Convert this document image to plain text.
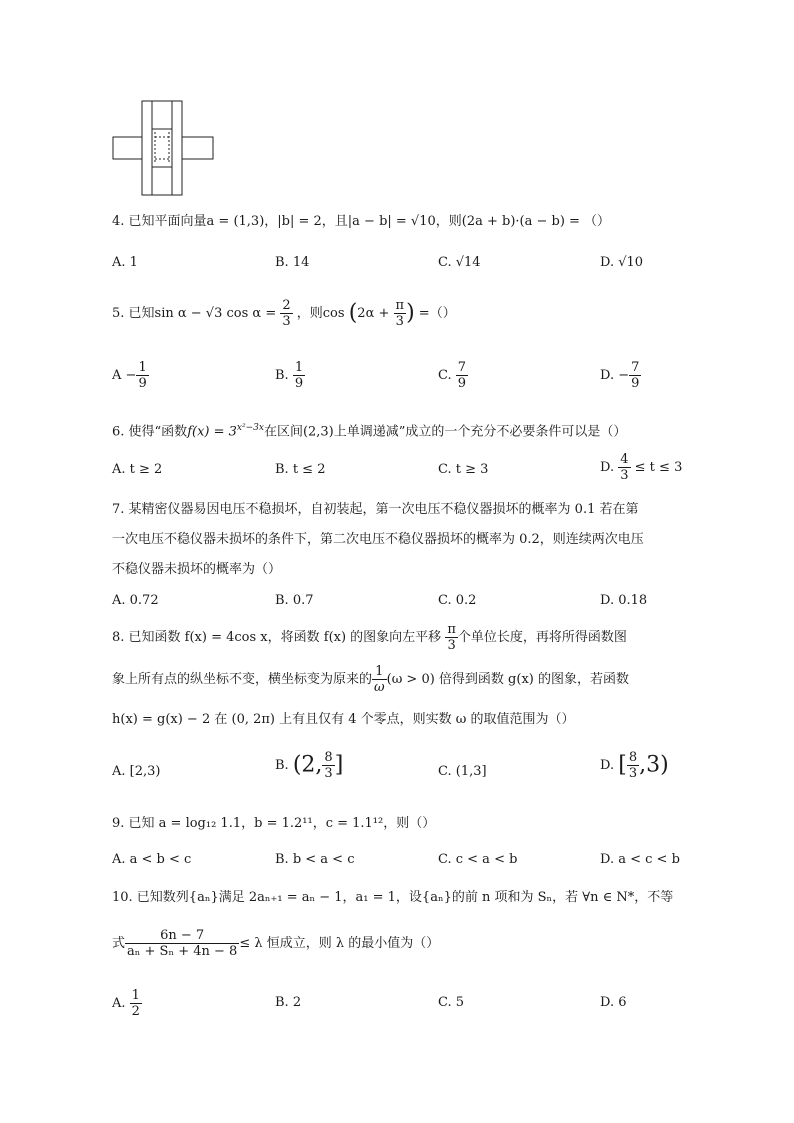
4. 已知平面向量a = (1,3)，|b| = 2，且|a − b| = √10，则(2a + b)·(a − b) = （）
A. 1	B. 14	C. √14	D. √10
5. 已知sin α − √3 $\cos \alpha = \frac{2}{3}$ ，则$\cos (2\alpha + \frac{\pi}{3}$ ) =（）
$A - \frac{1}{9}$	B. $\frac{1}{9}$	C. $\frac{7}{9}$	D. − $\frac{7}{9}$
6. 使得“函数$f(x) = 3^{x^2-3x}$在区间(2,3)上单调递减”成立的一个充分不必要条件可以是（）
A. t ≥ 2	B. t ≤ 2	C. t ≥ 3	D. $\frac{4}{3} \le t \le 3$
7. 某精密仪器易因电压不稳损坏，自初装起，第一次电压不稳仪器损坏的概率为 0.1 若在第
一次电压不稳仪器未损坏的条件下，第二次电压不稳仪器损坏的概率为 0.2，则连续两次电压
不稳仪器未损坏的概率为（）
A. 0.72	B. 0.7	C. 0.2	D. 0.18
8. 已知函数 f(x) = 4cos x，将函数 f(x) 的图象向左平移 $\frac{\pi}{3}$ 个单位长度，再将所得函数图
象上所有点的纵坐标不变，横坐标变为原来的 $\frac{1}{\omega} (\omega > 0)$ 倍得到函数 g(x) 的图象，若函数
h(x) = g(x) − 2 在 (0, 2π) 上有且仅有 4 个零点，则实数 ω 的取值范围为（）
A. [2,3)	B. (2, $\frac{8}{3}$ ]	C. (1,3]	D. [ $\frac{8}{3} ,3$)
9. 已知 a = log₁₂ 1.1，b = 1.2¹¹，c = 1.1¹²，则（）
A. a < b < c	B. b < a < c	C. c < a < b	D. a < c < b
10. 已知数列{aₙ}满足 2aₙ₊₁ = aₙ − 1，a₁ = 1，设{aₙ}的前 n 项和为 Sₙ，若 ∀n ∈ N*，不等
式 $\frac{6n - 7}{\text{aₙ + Sₙ + 4n − 8}} \le \lambda$ 恒成立，则 λ 的最小值为（）
A. $\frac{1}{2}$	B. 2	C. 5	D. 6
